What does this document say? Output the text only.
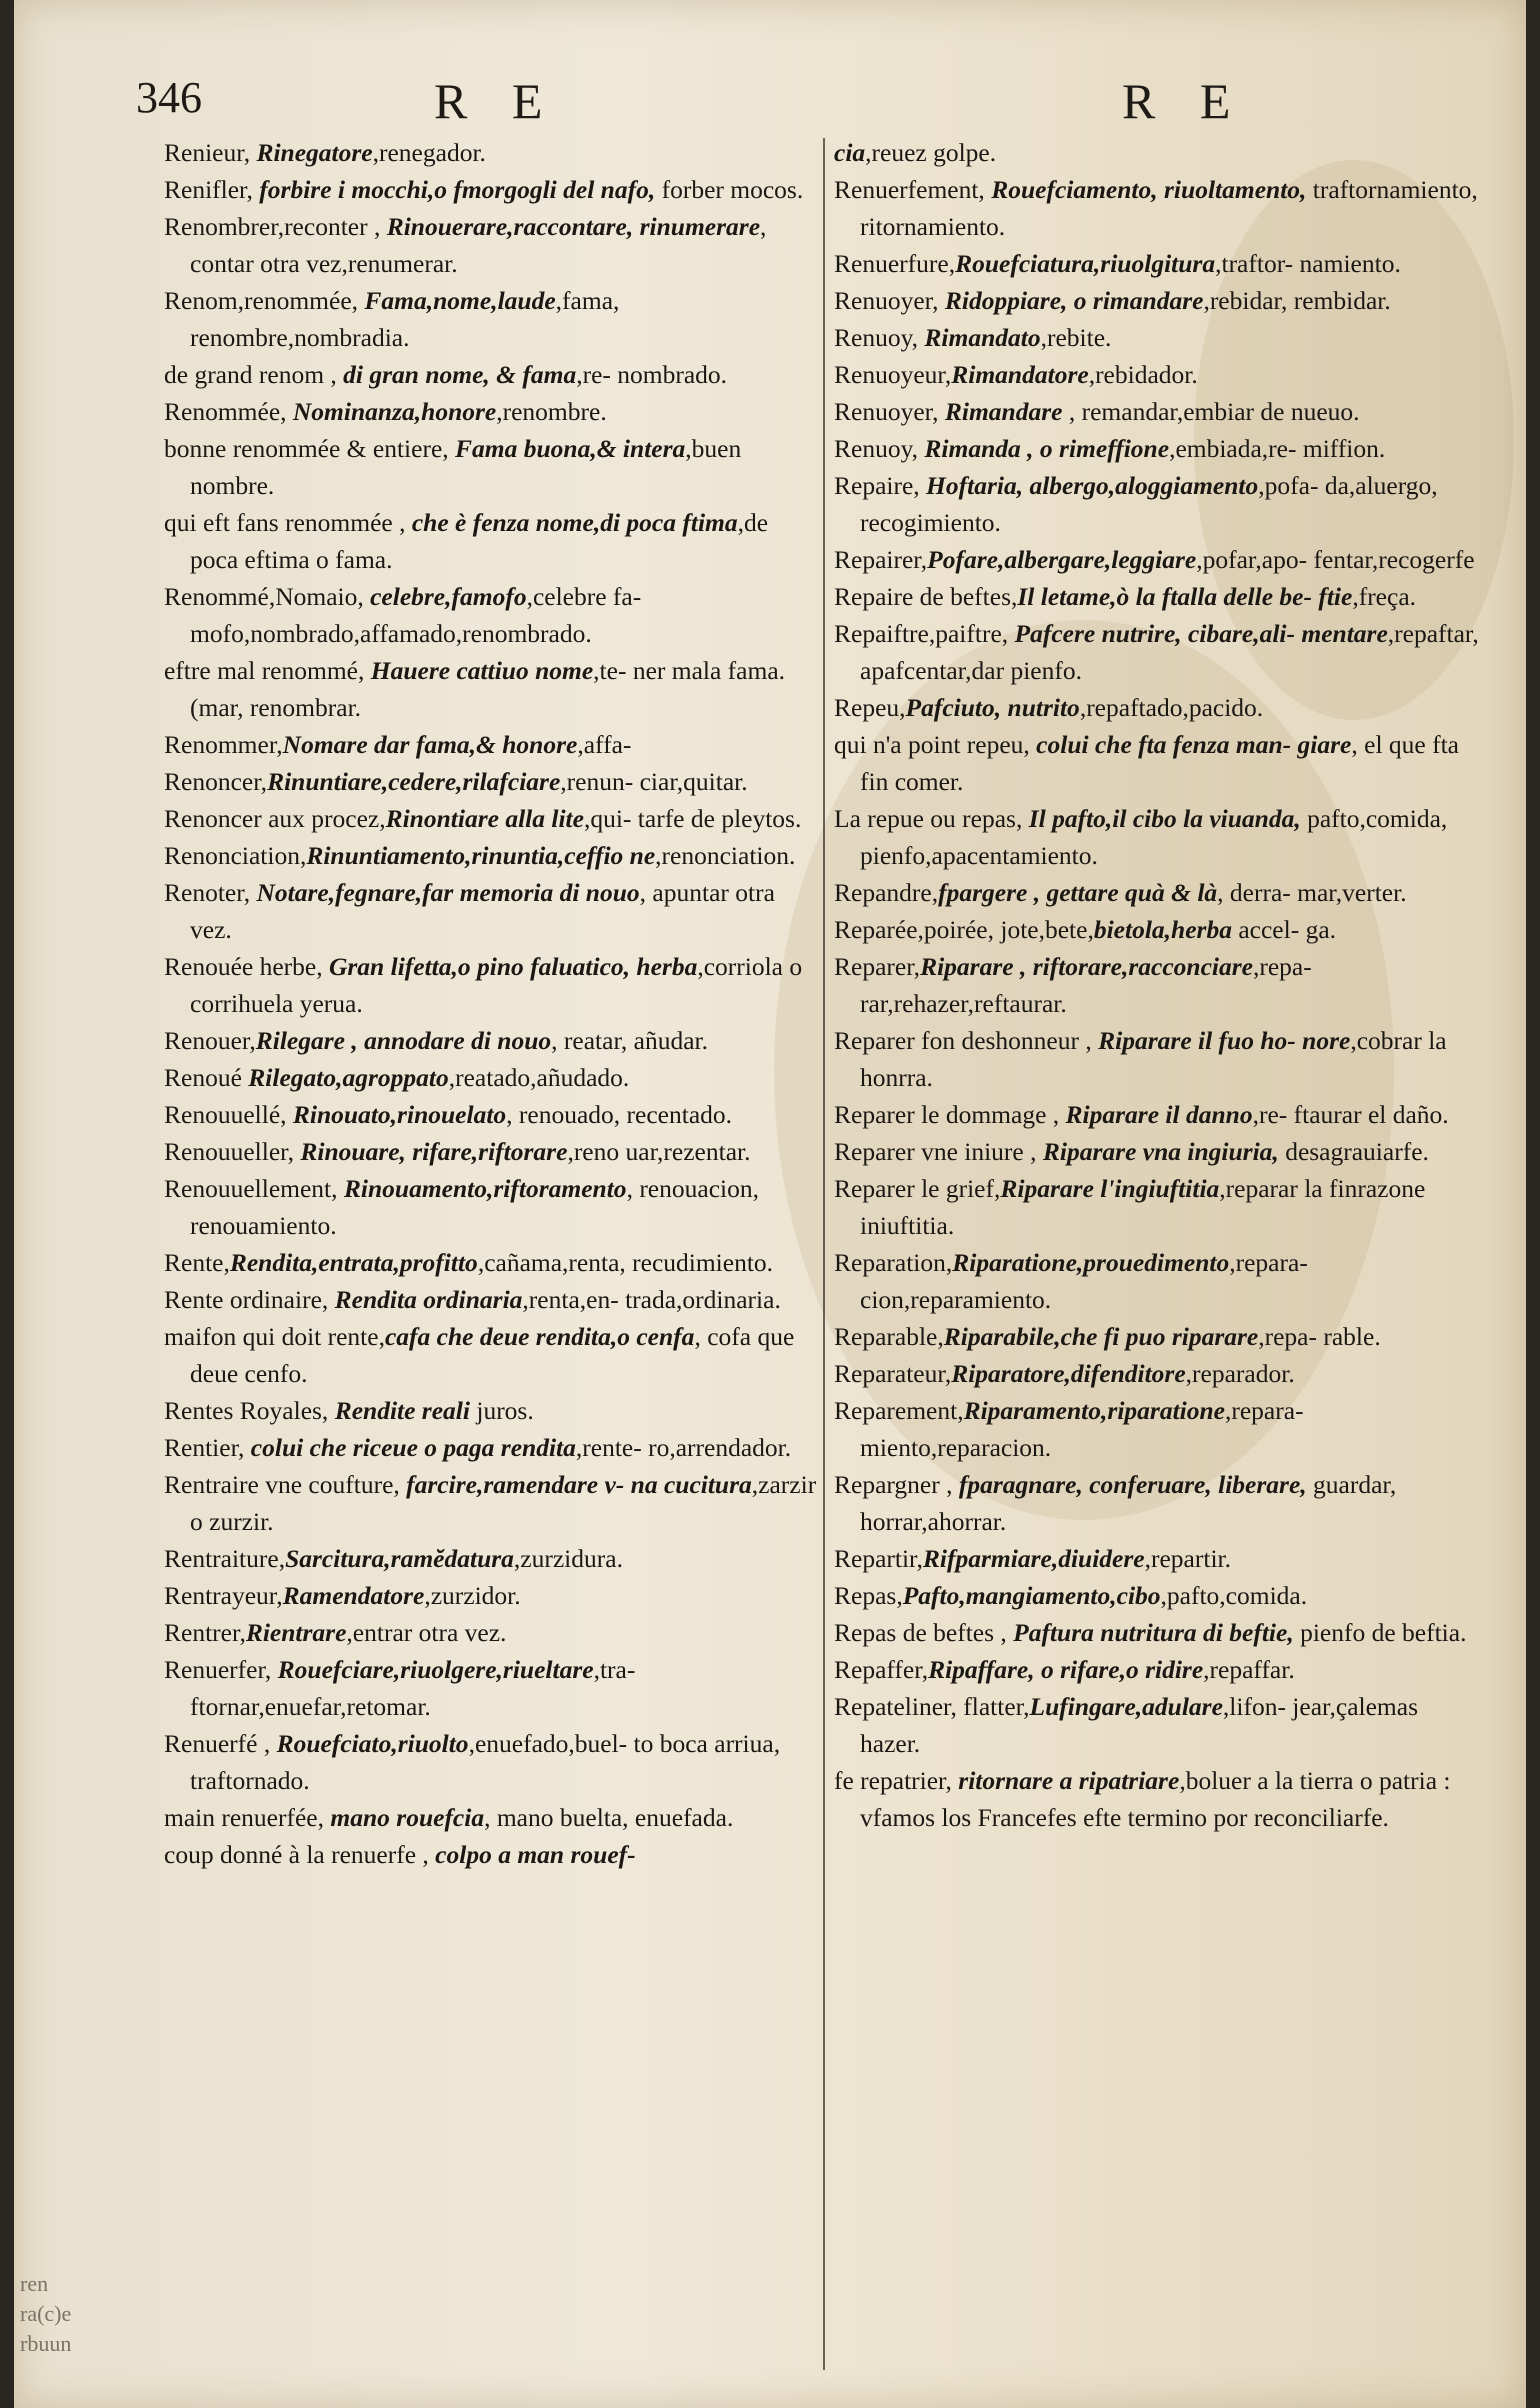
346	R E	R E

Renieur, Rinegatore,renegador.

Renifler, forbire i mocchi,o fmorgogli del nafo, forber mocos.

Renombrer,reconter , Rinouerare,raccontare, rinumerare, contar otra vez,renumerar.

Renom,renommée, Fama,nome,laude,fama, renombre,nombradia.

de grand renom , di gran nome, & fama,re- nombrado.

Renommée, Nominanza,honore,renombre.

bonne renommée & entiere, Fama buona,& intera,buen nombre.

qui eft fans renommée , che è fenza nome,di poca ftima,de poca eftima o fama.

Renommé,Nomaio, celebre,famofo,celebre fa- mofo,nombrado,affamado,renombrado.

eftre mal renommé, Hauere cattiuo nome,te- ner mala fama. (mar, renombrar.

Renommer,Nomare dar fama,& honore,affa-

Renoncer,Rinuntiare,cedere,rilafciare,renun- ciar,quitar.

Renoncer aux procez,Rinontiare alla lite,qui- tarfe de pleytos.

Renonciation,Rinuntiamento,rinuntia,ceffio ne,renonciation.

Renoter, Notare,fegnare,far memoria di nouo, apuntar otra vez.

Renouée herbe, Gran lifetta,o pino faluatico, herba,corriola o corrihuela yerua.

Renouer,Rilegare , annodare di nouo, reatar, añudar.

Renoué Rilegato,agroppato,reatado,añudado.

Renouuellé, Rinouato,rinouelato, renouado, recentado.

Renouueller, Rinouare, rifare,riftorare,reno uar,rezentar.

Renouuellement, Rinouamento,riftoramento, renouacion, renouamiento.

Rente,Rendita,entrata,profitto,cañama,renta, recudimiento.

Rente ordinaire, Rendita ordinaria,renta,en- trada,ordinaria.

maifon qui doit rente,cafa che deue rendita,o cenfa, cofa que deue cenfo.

Rentes Royales, Rendite reali juros.

Rentier, colui che riceue o paga rendita,rente- ro,arrendador.

Rentraire vne coufture, farcire,ramendare v- na cucitura,zarzir o zurzir.

Rentraiture,Sarcitura,ramĕdatura,zurzidura.

Rentrayeur,Ramendatore,zurzidor.

Rentrer,Rientrare,entrar otra vez.

Renuerfer, Rouefciare,riuolgere,riueltare,tra- ftornar,enuefar,retomar.

Renuerfé , Rouefciato,riuolto,enuefado,buel- to boca arriua, traftornado.

main renuerfée, mano rouefcia, mano buelta, enuefada.

coup donné à la renuerfe , colpo a man rouef-

cia,reuez golpe.

Renuerfement, Rouefciamento, riuoltamento, traftornamiento, ritornamiento.

Renuerfure,Rouefciatura,riuolgitura,traftor- namiento.

Renuoyer, Ridoppiare, o rimandare,rebidar, rembidar.

Renuoy, Rimandato,rebite.

Renuoyeur,Rimandatore,rebidador.

Renuoyer, Rimandare , remandar,embiar de nueuo.

Renuoy, Rimanda , o rimeffione,embiada,re- miffion.

Repaire, Hoftaria, albergo,aloggiamento,pofa- da,aluergo, recogimiento.

Repairer,Pofare,albergare,leggiare,pofar,apo- fentar,recogerfe

Repaire de beftes,Il letame,ò la ftalla delle be- ftie,freça.

Repaiftre,paiftre, Pafcere nutrire, cibare,ali- mentare,repaftar, apafcentar,dar pienfo.

Repeu,Pafciuto, nutrito,repaftado,pacido.

qui n'a point repeu, colui che fta fenza man- giare, el que fta fin comer.

La repue ou repas, Il pafto,il cibo la viuanda, pafto,comida, pienfo,apacentamiento.

Repandre,fpargere , gettare quà & là, derra- mar,verter.

Reparée,poirée, jote,bete,bietola,herba accel- ga.

Reparer,Riparare , riftorare,racconciare,repa- rar,rehazer,reftaurar.

Reparer fon deshonneur , Riparare il fuo ho- nore,cobrar la honrra.

Reparer le dommage , Riparare il danno,re- ftaurar el daño.

Reparer vne iniure , Riparare vna ingiuria, desagrauiarfe.

Reparer le grief,Riparare l'ingiuftitia,reparar la finrazone iniuftitia.

Reparation,Riparatione,prouedimento,repara- cion,reparamiento.

Reparable,Riparabile,che fi puo riparare,repa- rable.

Reparateur,Riparatore,difenditore,reparador.

Reparement,Riparamento,riparatione,repara- miento,reparacion.

Repargner , fparagnare, conferuare, liberare, guardar, horrar,ahorrar.

Repartir,Rifparmiare,diuidere,repartir.

Repas,Pafto,mangiamento,cibo,pafto,comida.

Repas de beftes , Paftura nutritura di beftie, pienfo de beftia.

Repaffer,Ripaffare, o rifare,o ridire,repaffar.

Repateliner, flatter,Lufingare,adulare,lifon- jear,çalemas hazer.

fe repatrier, ritornare a ripatriare,boluer a la tierra o patria : vfamos los Francefes efte termino por reconciliarfe.

ren
ra(c)e
rbuun
